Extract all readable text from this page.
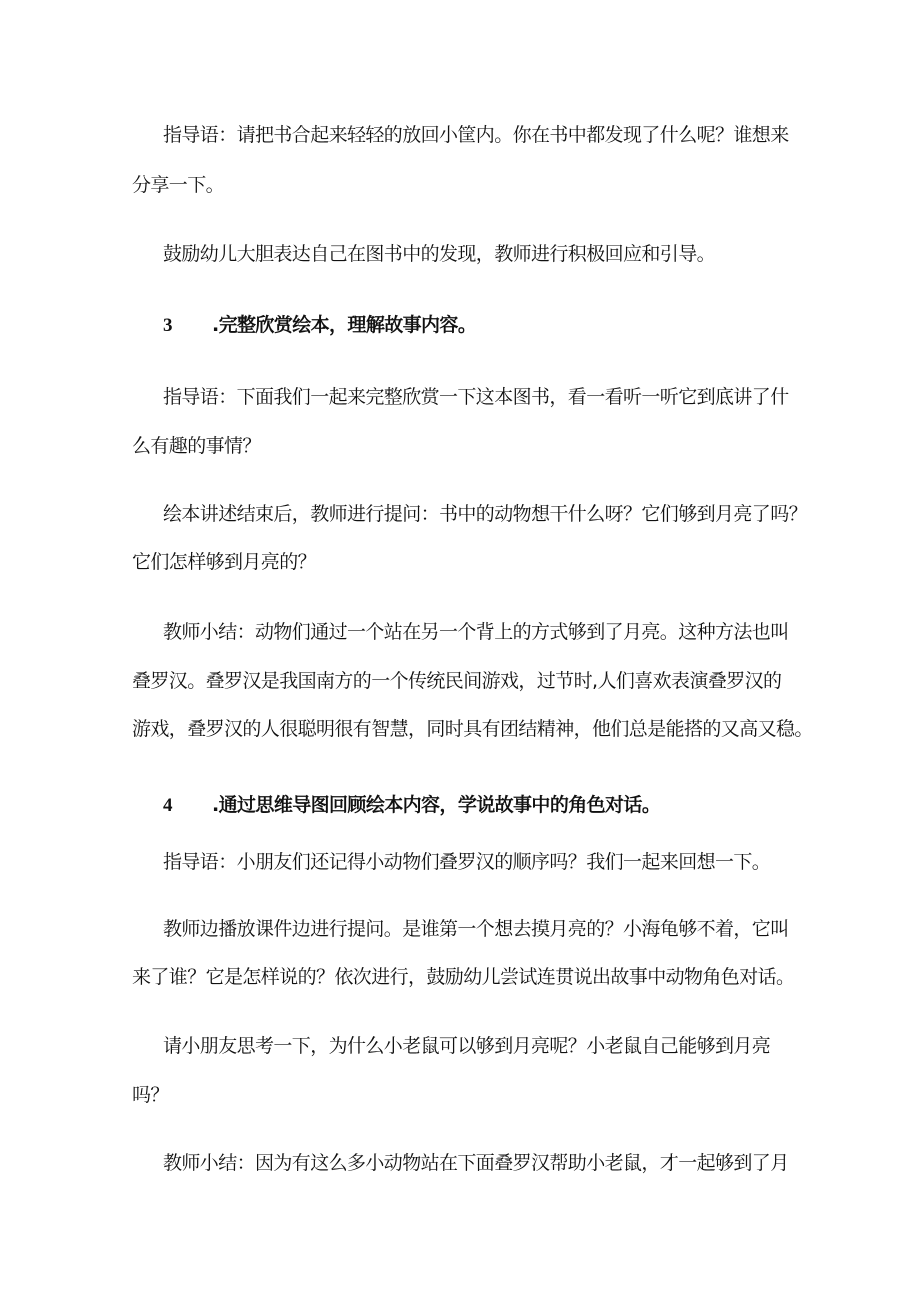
指导语：请把书合起来轻轻的放回小筐内。你在书中都发现了什么呢？谁想来
分享一下。
鼓励幼儿大胆表达自己在图书中的发现，教师进行积极回应和引导。
3 .完整欣赏绘本，理解故事内容。
指导语：下面我们一起来完整欣赏一下这本图书，看一看听一听它到底讲了什
么有趣的事情？
绘本讲述结束后，教师进行提问：书中的动物想干什么呀？它们够到月亮了吗？
它们怎样够到月亮的？
教师小结：动物们通过一个站在另一个背上的方式够到了月亮。这种方法也叫
叠罗汉。叠罗汉是我国南方的一个传统民间游戏，过节时,人们喜欢表演叠罗汉的
游戏，叠罗汉的人很聪明很有智慧，同时具有团结精神，他们总是能搭的又高又稳。
4 .通过思维导图回顾绘本内容，学说故事中的角色对话。
指导语：小朋友们还记得小动物们叠罗汉的顺序吗？我们一起来回想一下。
教师边播放课件边进行提问。是谁第一个想去摸月亮的？小海龟够不着，它叫
来了谁？它是怎样说的？依次进行，鼓励幼儿尝试连贯说出故事中动物角色对话。
请小朋友思考一下，为什么小老鼠可以够到月亮呢？小老鼠自己能够到月亮
吗？
教师小结：因为有这么多小动物站在下面叠罗汉帮助小老鼠，才一起够到了月
